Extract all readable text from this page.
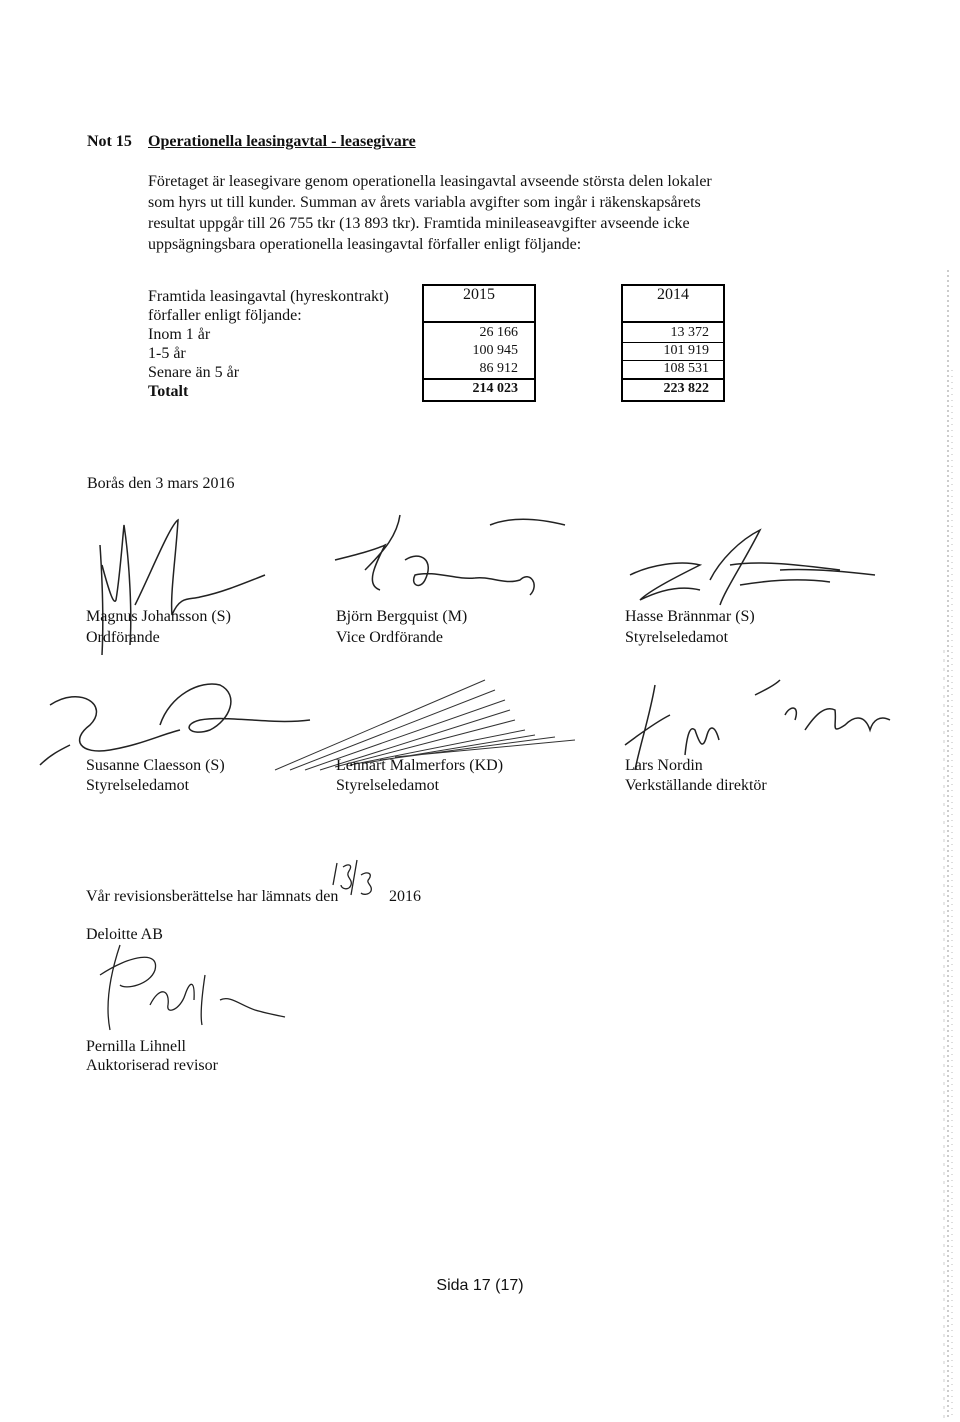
Not 15 Operationella leasingavtal - leasegivare
Företaget är leasegivare genom operationella leasingavtal avseende största delen lokaler
som hyrs ut till kunder. Summan av årets variabla avgifter som ingår i räkenskapsårets
resultat uppgår till 26 755 tkr (13 893 tkr). Framtida minileaseavgifter avseende icke
uppsägningsbara operationella leasingavtal förfaller enligt följande:
Framtida leasingavtal (hyreskontrakt)
förfaller enligt följande:
Inom 1 år
1-5 år
Senare än 5 år
Totalt
2015
26 166
100 945
86 912
214 023
2014
13 372
101 919
108 531
223 822
Borås den 3 mars 2016
Magnus Johansson (S)
Ordförande
Björn Bergquist (M)
Vice Ordförande
Hasse Brännmar (S)
Styrelseledamot
Susanne Claesson (S)
Styrelseledamot
Lennart Malmerfors (KD)
Styrelseledamot
Lars Nordin
Verkställande direktör
Vår revisionsberättelse har lämnats den	2016
Deloitte AB
Pernilla Lihnell
Auktoriserad revisor
Sida 17 (17)
